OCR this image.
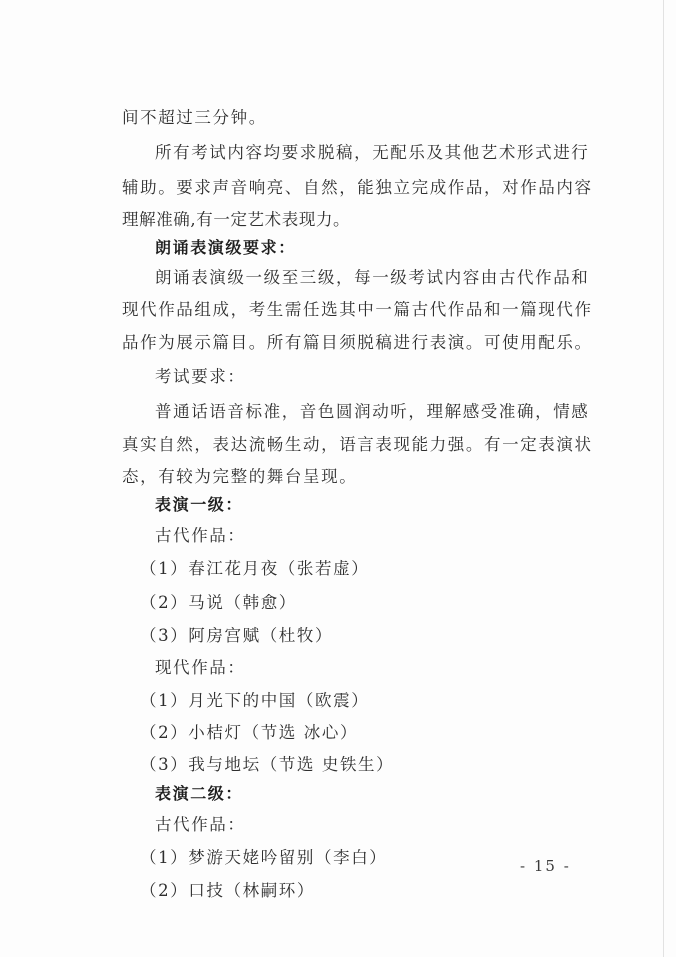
间不超过三分钟。
所有考试内容均要求脱稿，无配乐及其他艺术形式进行
辅助。要求声音响亮、自然，能独立完成作品，对作品内容
理解准确,有一定艺术表现力。
朗诵表演级要求：
朗诵表演级一级至三级，每一级考试内容由古代作品和
现代作品组成，考生需任选其中一篇古代作品和一篇现代作
品作为展示篇目。所有篇目须脱稿进行表演。可使用配乐。
考试要求：
普通话语音标准，音色圆润动听，理解感受准确，情感
真实自然，表达流畅生动，语言表现能力强。有一定表演状
态，有较为完整的舞台呈现。
表演一级：
古代作品：
（1）春江花月夜（张若虚）
（2）马说（韩愈）
（3）阿房宫赋（杜牧）
现代作品：
（1）月光下的中国（欧震）
（2）小桔灯（节选 冰心）
（3）我与地坛（节选 史铁生）
表演二级：
古代作品：
（1）梦游天姥吟留别（李白）
（2）口技（林嗣环）
- 15 -
